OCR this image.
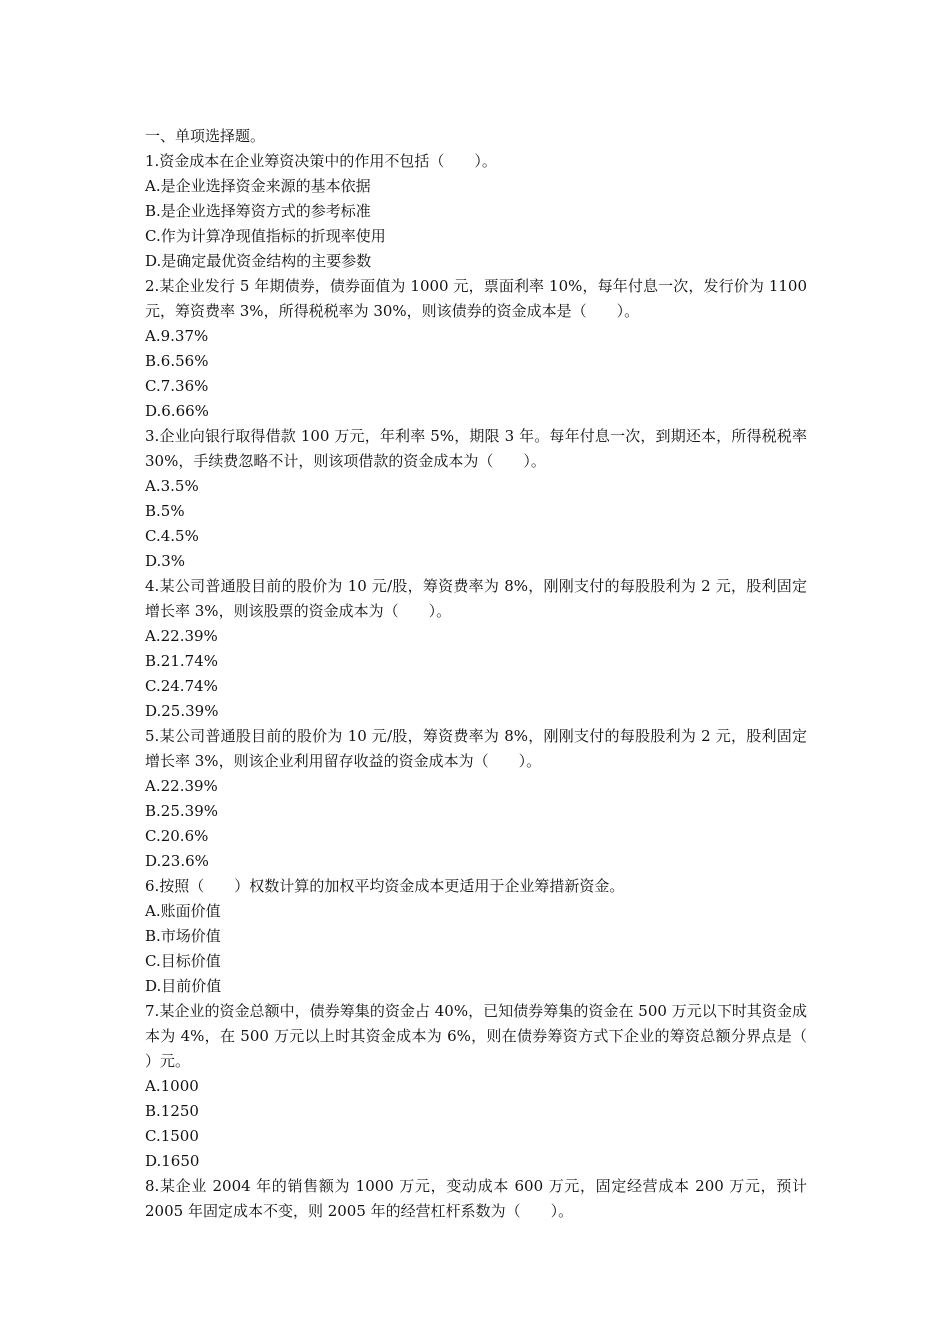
一、单项选择题。
1.资金成本在企业筹资决策中的作用不包括（　　）。
A.是企业选择资金来源的基本依据
B.是企业选择筹资方式的参考标准
C.作为计算净现值指标的折现率使用
D.是确定最优资金结构的主要参数
2.某企业发行 5 年期债券，债券面值为 1000 元，票面利率 10%，每年付息一次，发行价为 1100 元，筹资费率 3%，所得税税率为 30%，则该债券的资金成本是（　　）。
A.9.37%
B.6.56%
C.7.36%
D.6.66%
3.企业向银行取得借款 100 万元，年利率 5%，期限 3 年。每年付息一次，到期还本，所得税税率 30%，手续费忽略不计，则该项借款的资金成本为（　　）。
A.3.5%
B.5%
C.4.5%
D.3%
4.某公司普通股目前的股价为 10 元/股，筹资费率为 8%，刚刚支付的每股股利为 2 元，股利固定增长率 3%，则该股票的资金成本为（　　）。
A.22.39%
B.21.74%
C.24.74%
D.25.39%
5.某公司普通股目前的股价为 10 元/股，筹资费率为 8%，刚刚支付的每股股利为 2 元，股利固定增长率 3%，则该企业利用留存收益的资金成本为（　　）。
A.22.39%
B.25.39%
C.20.6%
D.23.6%
6.按照（　　）权数计算的加权平均资金成本更适用于企业筹措新资金。
A.账面价值
B.市场价值
C.目标价值
D.目前价值
7.某企业的资金总额中，债券筹集的资金占 40%，已知债券筹集的资金在 500 万元以下时其资金成本为 4%，在 500 万元以上时其资金成本为 6%，则在债券筹资方式下企业的筹资总额分界点是（ ）元。
A.1000
B.1250
C.1500
D.1650
8.某企业 2004 年的销售额为 1000 万元，变动成本 600 万元，固定经营成本 200 万元，预计 2005 年固定成本不变，则 2005 年的经营杠杆系数为（　　）。
